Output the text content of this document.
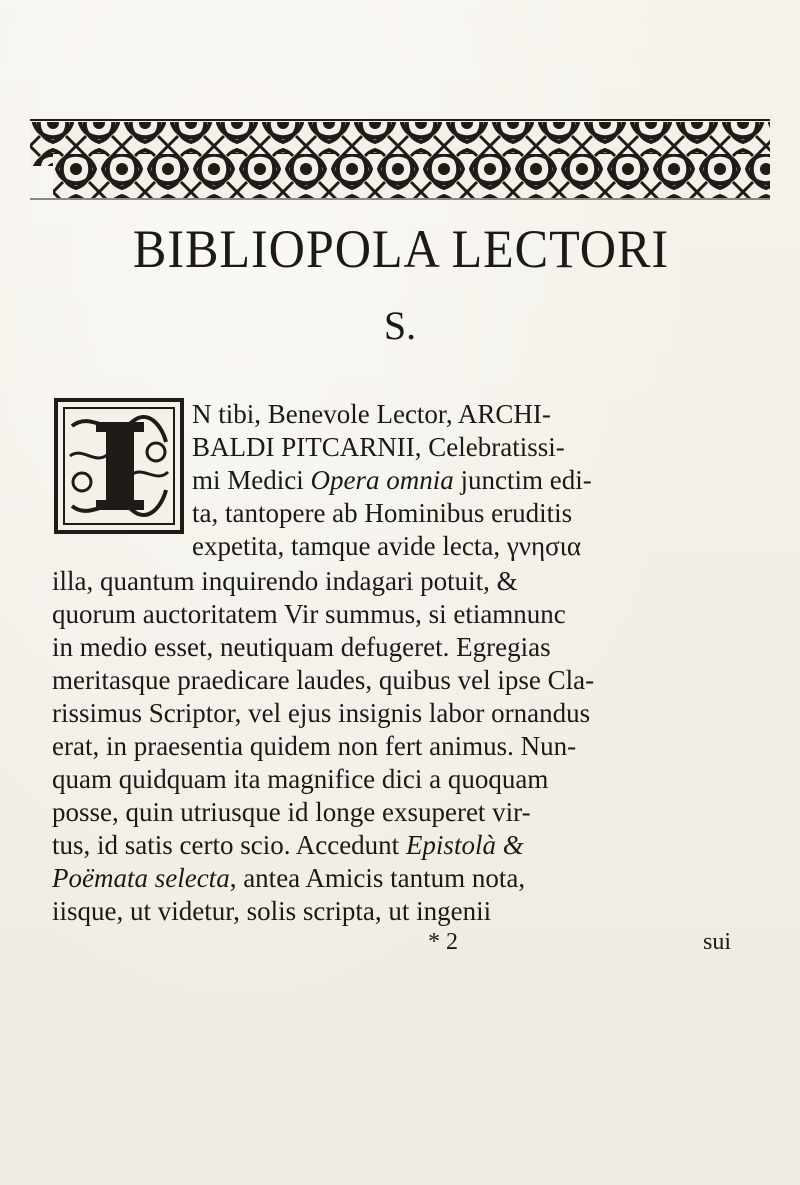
BIBLIOPOLA LECTORI
S.
N tibi, Benevole Lector, ARCHI-
BALDI PITCARNII, Celebratissi-
mi Medici Opera omnia junctim edi-
ta, tantopere ab Hominibus eruditis
expetita, tamque avide lecta, γνησια
illa, quantum inquirendo indagari potuit, &
quorum auctoritatem Vir summus, si etiamnunc
in medio esset, neutiquam defugeret. Egregias
meritasque praedicare laudes, quibus vel ipse Cla-
rissimus Scriptor, vel ejus insignis labor ornandus
erat, in praesentia quidem non fert animus. Nun-
quam quidquam ita magnifice dici a quoquam
posse, quin utriusque id longe exsuperet vir-
tus, id satis certo scio. Accedunt Epistolà &
Poëmata selecta, antea Amicis tantum nota,
iisque, ut videtur, solis scripta, ut ingenii
* 2	sui
